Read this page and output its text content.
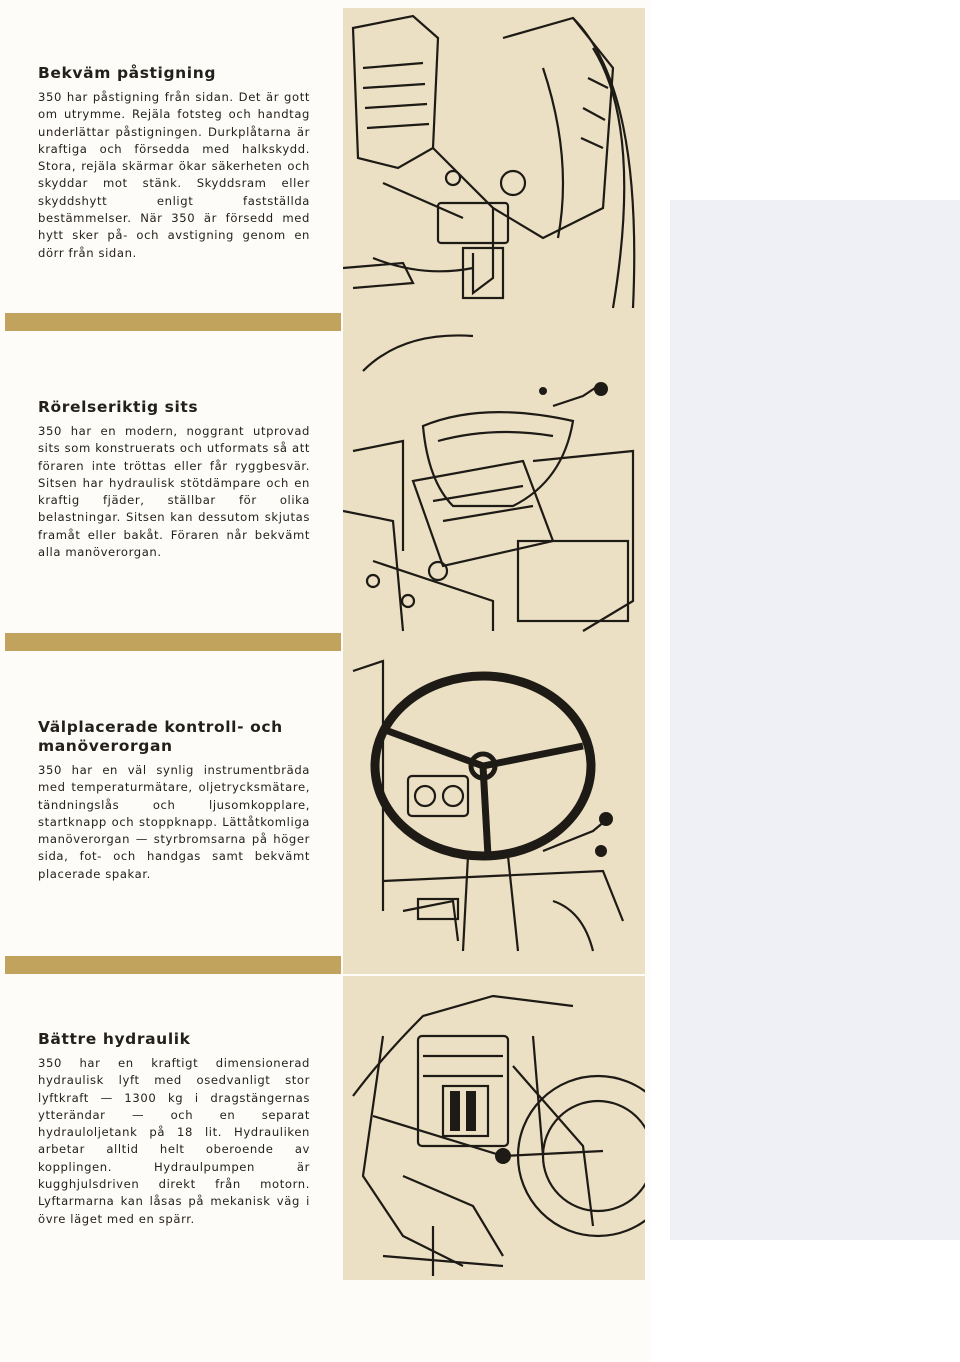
Bekväm påstigning

350 har påstigning från sidan. Det är gott om utrymme. Rejäla fotsteg och handtag underlättar påstigningen. Durkplåtarna är kraftiga och försedda med halkskydd. Stora, rejäla skärmar ökar säkerheten och skyddar mot stänk. Skyddsram eller skyddshytt enligt fastställda bestämmelser. När 350 är försedd med hytt sker på- och avstigning genom en dörr från sidan.

Rörelseriktig sits

350 har en modern, noggrant utprovad sits som konstruerats och utformats så att föraren inte tröttas eller får ryggbesvär. Sitsen har hydraulisk stötdämpare och en kraftig fjäder, ställbar för olika belastningar. Sitsen kan dessutom skjutas framåt eller bakåt. Föraren når bekvämt alla manöverorgan.

Välplacerade kontroll- och manöverorgan

350 har en väl synlig instrumentbräda med temperaturmätare, oljetrycksmätare, tändningslås och ljusomkopplare, startknapp och stoppknapp. Lättåtkomliga manöverorgan — styrbromsarna på höger sida, fot- och handgas samt bekvämt placerade spakar.

Bättre hydraulik

350 har en kraftigt dimensionerad hydraulisk lyft med osedvanligt stor lyftkraft — 1300 kg i dragstängernas ytterändar — och en separat hydrauloljetank på 18 lit. Hydrauliken arbetar alltid helt oberoende av kopplingen. Hydraulpumpen är kugghjulsdriven direkt från motorn. Lyftarmarna kan låsas på mekanisk väg i övre läget med en spärr.
